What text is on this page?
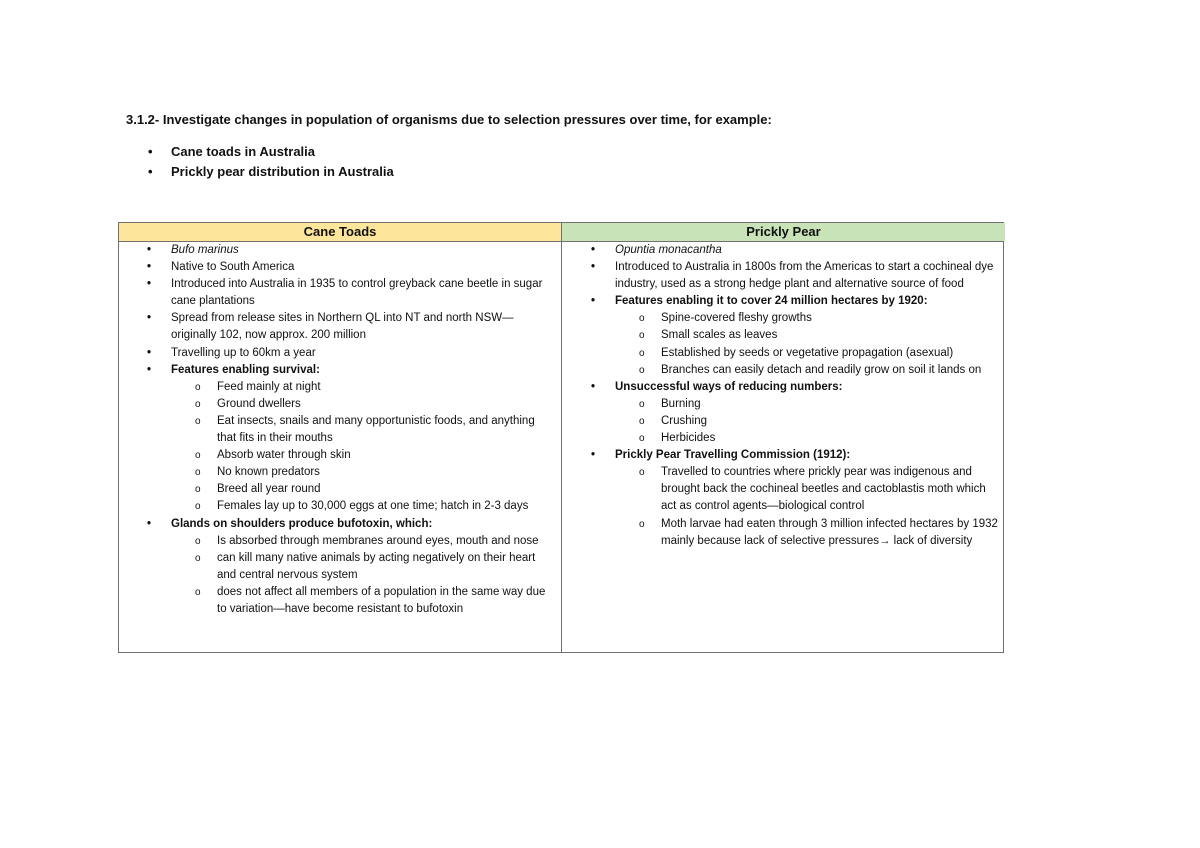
3.1.2- Investigate changes in population of organisms due to selection pressures over time, for example:
• Cane toads in Australia
• Prickly pear distribution in Australia
Cane Toads	Prickly Pear
• Bufo marinus
• Native to South America
• Introduced into Australia in 1935 to control greyback cane beetle in sugar cane plantations
• Spread from release sites in Northern QL into NT and north NSW—originally 102, now approx. 200 million
• Travelling up to 60km a year
• Features enabling survival:
o Feed mainly at night
o Ground dwellers
o Eat insects, snails and many opportunistic foods, and anything that fits in their mouths
o Absorb water through skin
o No known predators
o Breed all year round
o Females lay up to 30,000 eggs at one time; hatch in 2-3 days
• Glands on shoulders produce bufotoxin, which:
o Is absorbed through membranes around eyes, mouth and nose
o can kill many native animals by acting negatively on their heart and central nervous system
o does not affect all members of a population in the same way due to variation—have become resistant to bufotoxin
• Opuntia monacantha
• Introduced to Australia in 1800s from the Americas to start a cochineal dye industry, used as a strong hedge plant and alternative source of food
• Features enabling it to cover 24 million hectares by 1920:
o Spine-covered fleshy growths
o Small scales as leaves
o Established by seeds or vegetative propagation (asexual)
o Branches can easily detach and readily grow on soil it lands on
• Unsuccessful ways of reducing numbers:
o Burning
o Crushing
o Herbicides
• Prickly Pear Travelling Commission (1912):
o Travelled to countries where prickly pear was indigenous and brought back the cochineal beetles and cactoblastis moth which act as control agents—biological control
o Moth larvae had eaten through 3 million infected hectares by 1932 mainly because lack of selective pressures→ lack of diversity
